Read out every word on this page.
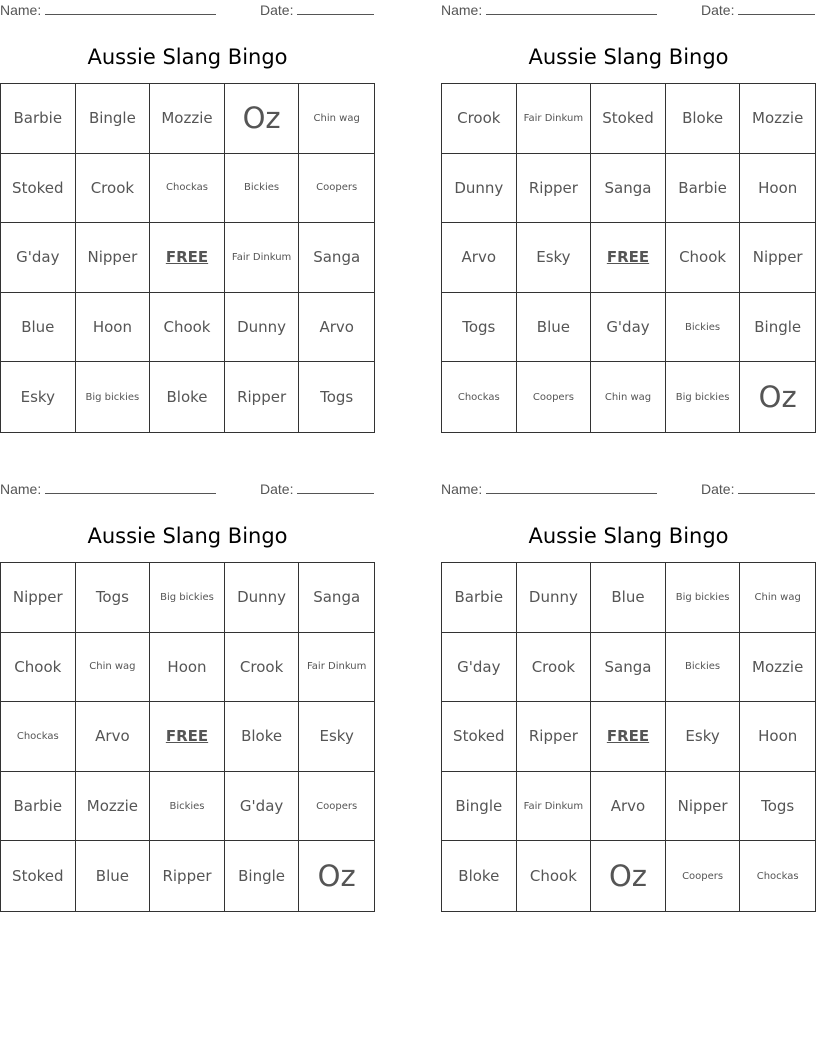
Name:	Date:
Aussie Slang Bingo
Barbie	Bingle	Mozzie	Oz	Chin wag
Stoked	Crook	Chockas	Bickies	Coopers
G'day	Nipper	FREE	Fair Dinkum	Sanga
Blue	Hoon	Chook	Dunny	Arvo
Esky	Big bickies	Bloke	Ripper	Togs
Name:	Date:
Aussie Slang Bingo
Crook	Fair Dinkum	Stoked	Bloke	Mozzie
Dunny	Ripper	Sanga	Barbie	Hoon
Arvo	Esky	FREE	Chook	Nipper
Togs	Blue	G'day	Bickies	Bingle
Chockas	Coopers	Chin wag	Big bickies	Oz
Name:	Date:
Aussie Slang Bingo
Nipper	Togs	Big bickies	Dunny	Sanga
Chook	Chin wag	Hoon	Crook	Fair Dinkum
Chockas	Arvo	FREE	Bloke	Esky
Barbie	Mozzie	Bickies	G'day	Coopers
Stoked	Blue	Ripper	Bingle	Oz
Name:	Date:
Aussie Slang Bingo
Barbie	Dunny	Blue	Big bickies	Chin wag
G'day	Crook	Sanga	Bickies	Mozzie
Stoked	Ripper	FREE	Esky	Hoon
Bingle	Fair Dinkum	Arvo	Nipper	Togs
Bloke	Chook	Oz	Coopers	Chockas
